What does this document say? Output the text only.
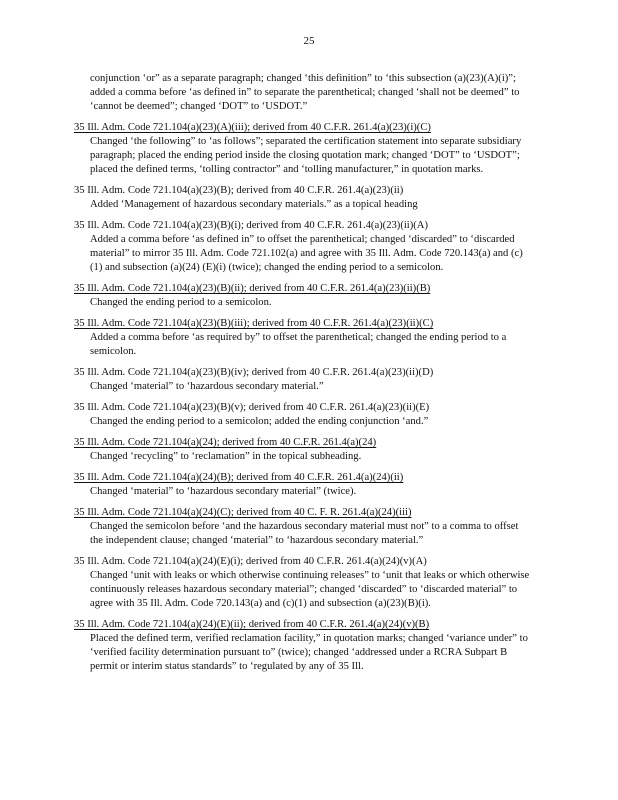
25
conjunction ‘or” as a separate paragraph; changed ‘this definition” to ‘this subsection (a)(23)(A)(i)”; added a comma before ‘as defined in” to separate the parenthetical; changed ‘shall not be deemed” to ‘cannot be deemed”; changed ‘DOT” to ‘USDOT.”
35 Ill. Adm. Code 721.104(a)(23)(A)(iii); derived from 40 C.F.R. 261.4(a)(23)(i)(C)
Changed ‘the following” to ‘as follows”; separated the certification statement into separate subsidiary paragraph; placed the ending period inside the closing quotation mark; changed ‘DOT” to ‘USDOT”; placed the defined terms, ‘tolling contractor” and ‘tolling manufacturer,” in quotation marks.
35 Ill. Adm. Code 721.104(a)(23)(B); derived from 40 C.F.R. 261.4(a)(23)(ii)
Added ‘Management of hazardous secondary materials.” as a topical heading
35 Ill. Adm. Code 721.104(a)(23)(B)(i); derived from 40 C.F.R. 261.4(a)(23)(ii)(A)
Added a comma before ‘as defined in” to offset the parenthetical; changed ‘discarded” to ‘discarded material” to mirror 35 Ill. Adm. Code 721.102(a) and agree with 35 Ill. Adm. Code 720.143(a) and (c)(1) and subsection (a)(24) (E)(i) (twice); changed the ending period to a semicolon.
35 Ill. Adm. Code 721.104(a)(23)(B)(ii); derived from 40 C.F.R. 261.4(a)(23)(ii)(B)
Changed the ending period to a semicolon.
35 Ill. Adm. Code 721.104(a)(23)(B)(iii); derived from 40 C.F.R. 261.4(a)(23)(ii)(C)
Added a comma before ‘as required by” to offset the parenthetical; changed the ending period to a semicolon.
35 Ill. Adm. Code 721.104(a)(23)(B)(iv); derived from 40 C.F.R. 261.4(a)(23)(ii)(D)
Changed ‘material” to ‘hazardous secondary material.”
35 Ill. Adm. Code 721.104(a)(23)(B)(v); derived from 40 C.F.R. 261.4(a)(23)(ii)(E)
Changed the ending period to a semicolon; added the ending conjunction ‘and.”
35 Ill. Adm. Code 721.104(a)(24); derived from 40 C.F.R. 261.4(a)(24)
Changed ‘recycling” to ‘reclamation” in the topical subheading.
35 Ill. Adm. Code 721.104(a)(24)(B); derived from 40 C.F.R. 261.4(a)(24)(ii)
Changed ‘material” to ‘hazardous secondary material” (twice).
35 Ill. Adm. Code 721.104(a)(24)(C); derived from 40 C. F. R. 261.4(a)(24)(iii)
Changed the semicolon before ‘and the hazardous secondary material must not” to a comma to offset the independent clause; changed ‘material” to ‘hazardous secondary material.”
35 Ill. Adm. Code 721.104(a)(24)(E)(i); derived from 40 C.F.R. 261.4(a)(24)(v)(A)
Changed ‘unit with leaks or which otherwise continuing releases” to ‘unit that leaks or which otherwise continuously releases hazardous secondary material”; changed ‘discarded” to ‘discarded material” to agree with 35 Ill. Adm. Code 720.143(a) and (c)(1) and subsection (a)(23)(B)(i).
35 Ill. Adm. Code 721.104(a)(24)(E)(ii); derived from 40 C.F.R. 261.4(a)(24)(v)(B)
Placed the defined term, verified reclamation facility,” in quotation marks; changed ‘variance under” to ‘verified facility determination pursuant to” (twice); changed ‘addressed under a RCRA Subpart B permit or interim status standards” to ‘regulated by any of 35 Ill.
